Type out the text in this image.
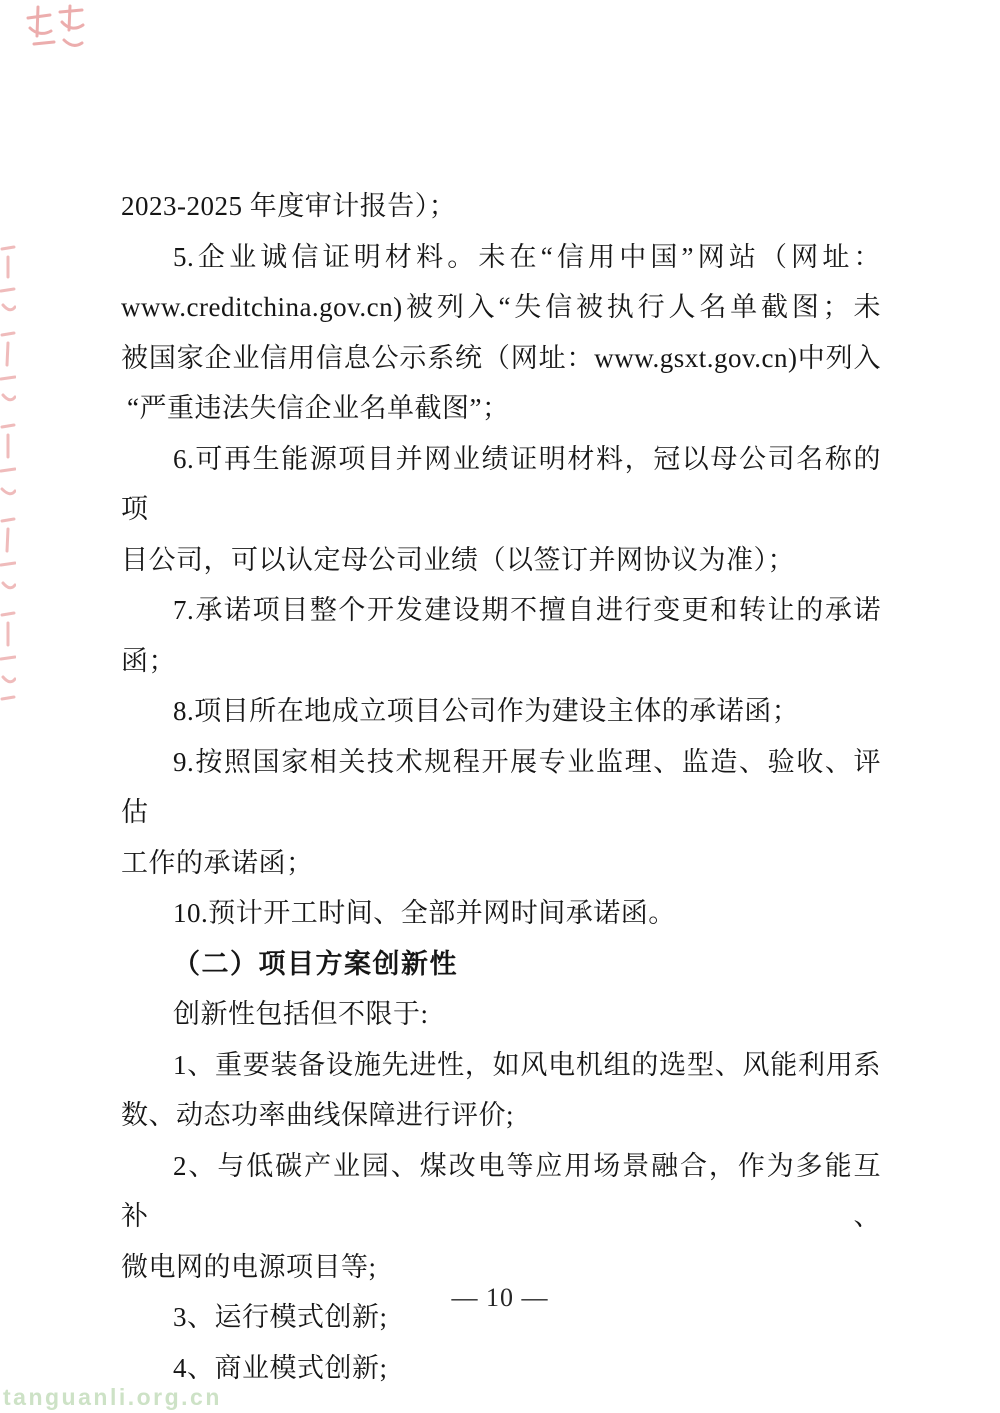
2023-2025 年度审计报告）；
5.企业诚信证明材料。未在“信用中国”网站（网址：
www.creditchina.gov.cn)被列入“失信被执行人名单截图；未
被国家企业信用信息公示系统（网址：www.gsxt.gov.cn)中列入
“严重违法失信企业名单截图”；
6.可再生能源项目并网业绩证明材料，冠以母公司名称的项
目公司，可以认定母公司业绩（以签订并网协议为准）；
7.承诺项目整个开发建设期不擅自进行变更和转让的承诺
函；
8.项目所在地成立项目公司作为建设主体的承诺函；
9.按照国家相关技术规程开展专业监理、监造、验收、评估
工作的承诺函；
10.预计开工时间、全部并网时间承诺函。
（二）项目方案创新性
创新性包括但不限于:
1、重要装备设施先进性，如风电机组的选型、风能利用系
数、动态功率曲线保障进行评价;
2、与低碳产业园、煤改电等应用场景融合，作为多能互补、
微电网的电源项目等;
3、运行模式创新;
4、商业模式创新;
— 10 —
tanguanli.org.cn
